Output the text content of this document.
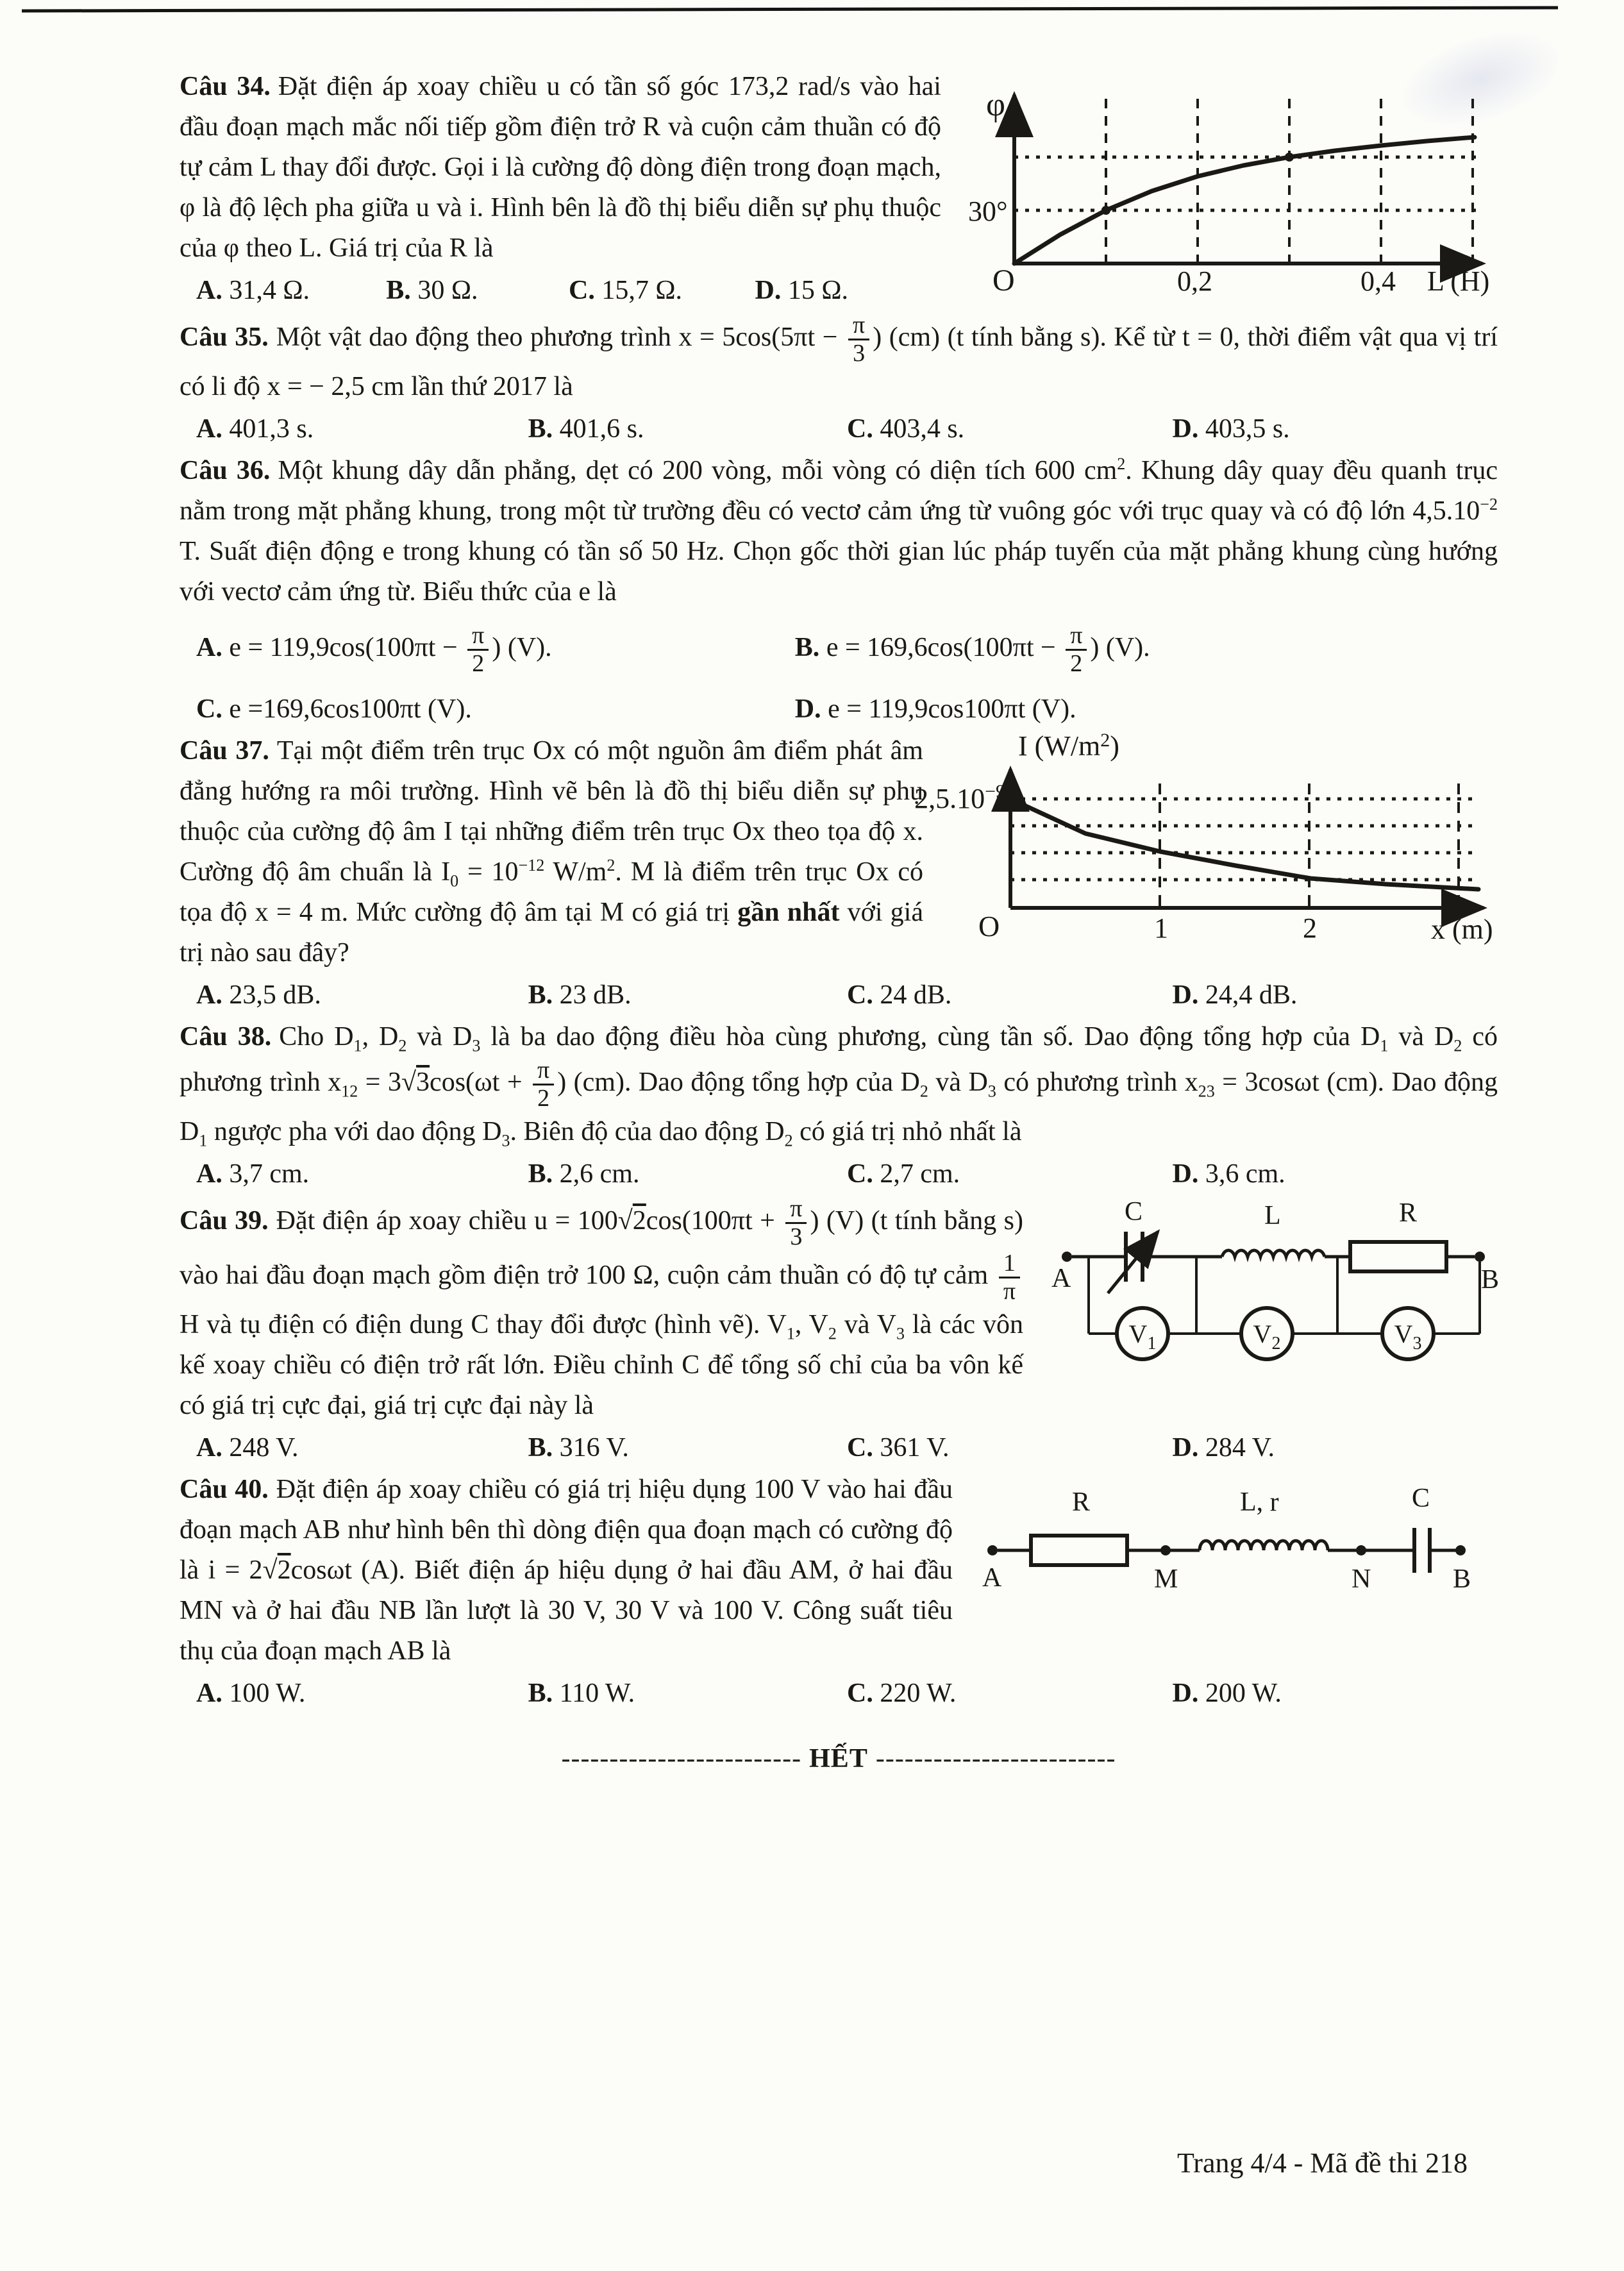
φ
30°
O	0,2	0,4 L (H)

Câu 34. Đặt điện áp xoay chiều u có tần số góc 173,2 rad/s vào hai đầu đoạn mạch mắc nối tiếp gồm điện trở R và cuộn cảm thuần có độ tự cảm L thay đổi được. Gọi i là cường độ dòng điện trong đoạn mạch, φ là độ lệch pha giữa u và i. Hình bên là đồ thị biểu diễn sự phụ thuộc của φ theo L. Giá trị của R là

A. 31,4 Ω.	B. 30 Ω.	C. 15,7 Ω.	D. 15 Ω.

Câu 35. Một vật dao động theo phương trình $x = 5\cos(5\pi t - \frac{\pi}{3}$ ) (cm) (t tính bằng s). Kể từ t = 0, thời điểm vật qua vị trí có li độ x = − 2,5 cm lần thứ 2017 là

A. 401,3 s.	B. 401,6 s.	C. 403,4 s.	D. 403,5 s.

Câu 36. Một khung dây dẫn phẳng, dẹt có 200 vòng, mỗi vòng có diện tích 600 $cm^2$. Khung dây quay đều quanh trục nằm trong mặt phẳng khung, trong một từ trường đều có vectơ cảm ứng từ vuông góc với trục quay và có độ lớn $4,5.10^{-2}$ T. Suất điện động e trong khung có tần số 50 Hz. Chọn gốc thời gian lúc pháp tuyến của mặt phẳng khung cùng hướng với vectơ cảm ứng từ. Biểu thức của e là

A. $e = 119,9\cos(100\pi t - \frac{\pi}{2}$ ) (V).	B. $e = 169,6\cos(100\pi t - \frac{\pi}{2}$ ) (V).
C. e =169,6cos100πt (V).	D. e = 119,9cos100πt (V).
I $(W/m^2)$
$2,5.10^{-9}$
O	1	2	x (m)

Câu 37. Tại một điểm trên trục Ox có một nguồn âm điểm phát âm đẳng hướng ra môi trường. Hình vẽ bên là đồ thị biểu diễn sự phụ thuộc của cường độ âm I tại những điểm trên trục Ox theo tọa độ x. Cường độ âm chuẩn là $I_0 = 10^{-12}$ $W/m^2$. M là điểm trên trục Ox có tọa độ x = 4 m. Mức cường độ âm tại M có giá trị gần nhất với giá trị nào sau đây?

A. 23,5 dB.	B. 23 dB.	C. 24 dB.	D. 24,4 dB.

Câu 38. Cho $D_1$, $D_2$ và $D_3$ là ba dao động điều hòa cùng phương, cùng tần số. Dao động tổng hợp của $D_1$ và $D_2$ có phương trình $x_{12} = 3√3\cos(\omega t + \frac{\pi}{2}$ ) (cm). Dao động tổng hợp của $D_2$ và $D_3$ có phương trình $x_{23} = 3\cos\omega t$ (cm). Dao động $D_1$ ngược pha với dao động $D_3$. Biên độ của dao động $D_2$ có giá trị nhỏ nhất là

A. 3,7 cm.	B. 2,6 cm.	C. 2,7 cm.	D. 3,6 cm.
$V_1$	$V_2$	$V_3$
C	L	R
A	B

Câu 39. Đặt điện áp xoay chiều $u = 100√2\cos(100\pi t + \frac{\pi}{3}$ ) (V) (t tính bằng s) vào hai đầu đoạn mạch gồm điện trở 100 Ω, cuộn cảm thuần có độ tự cảm $\frac{1}{\pi}$
H và tụ điện có điện dung C thay đổi được (hình vẽ). $V_1$, $V_2$ và $V_3$ là các vôn kế xoay chiều có điện trở rất lớn. Điều chỉnh C để tổng số chỉ của ba vôn kế có giá trị cực đại, giá trị cực đại này là

A. 248 V.	B. 316 V.	C. 361 V.	D. 284 V.
R	L, r	C
A	M	N	B

Câu 40. Đặt điện áp xoay chiều có giá trị hiệu dụng 100 V vào hai đầu đoạn mạch AB như hình bên thì dòng điện qua đoạn mạch có cường độ là i = 2√2cosωt (A). Biết điện áp hiệu dụng ở hai đầu AM, ở hai đầu MN và ở hai đầu NB lần lượt là 30 V, 30 V và 100 V. Công suất tiêu thụ của đoạn mạch AB là

A. 100 W.	B. 110 W.	C. 220 W.	D. 200 W.
------------------------- HẾT -------------------------
Trang 4/4 - Mã đề thi 218
